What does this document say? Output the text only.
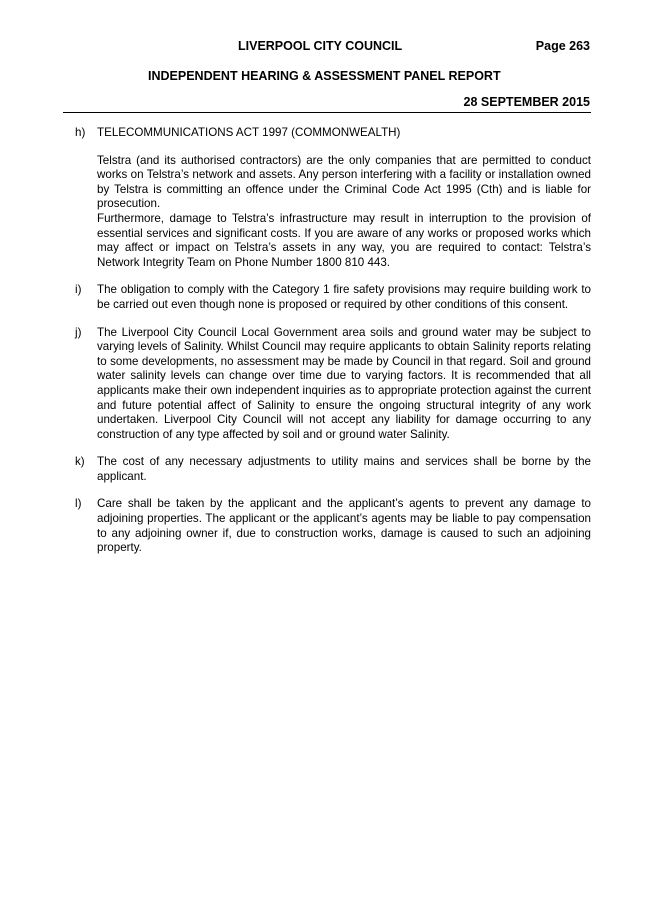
LIVERPOOL CITY COUNCIL	Page 263
INDEPENDENT HEARING & ASSESSMENT PANEL REPORT
28 SEPTEMBER 2015
h) TELECOMMUNICATIONS ACT 1997 (COMMONWEALTH)

Telstra (and its authorised contractors) are the only companies that are permitted to conduct works on Telstra’s network and assets. Any person interfering with a facility or installation owned by Telstra is committing an offence under the Criminal Code Act 1995 (Cth) and is liable for prosecution.

Furthermore, damage to Telstra’s infrastructure may result in interruption to the provision of essential services and significant costs. If you are aware of any works or proposed works which may affect or impact on Telstra’s assets in any way, you are required to contact: Telstra’s Network Integrity Team on Phone Number 1800 810 443.

i) The obligation to comply with the Category 1 fire safety provisions may require building work to be carried out even though none is proposed or required by other conditions of this consent.

j) The Liverpool City Council Local Government area soils and ground water may be subject to varying levels of Salinity. Whilst Council may require applicants to obtain Salinity reports relating to some developments, no assessment may be made by Council in that regard. Soil and ground water salinity levels can change over time due to varying factors. It is recommended that all applicants make their own independent inquiries as to appropriate protection against the current and future potential affect of Salinity to ensure the ongoing structural integrity of any work undertaken. Liverpool City Council will not accept any liability for damage occurring to any construction of any type affected by soil and or ground water Salinity.

k) The cost of any necessary adjustments to utility mains and services shall be borne by the applicant.

l) Care shall be taken by the applicant and the applicant’s agents to prevent any damage to adjoining properties. The applicant or the applicant’s agents may be liable to pay compensation to any adjoining owner if, due to construction works, damage is caused to such an adjoining property.
